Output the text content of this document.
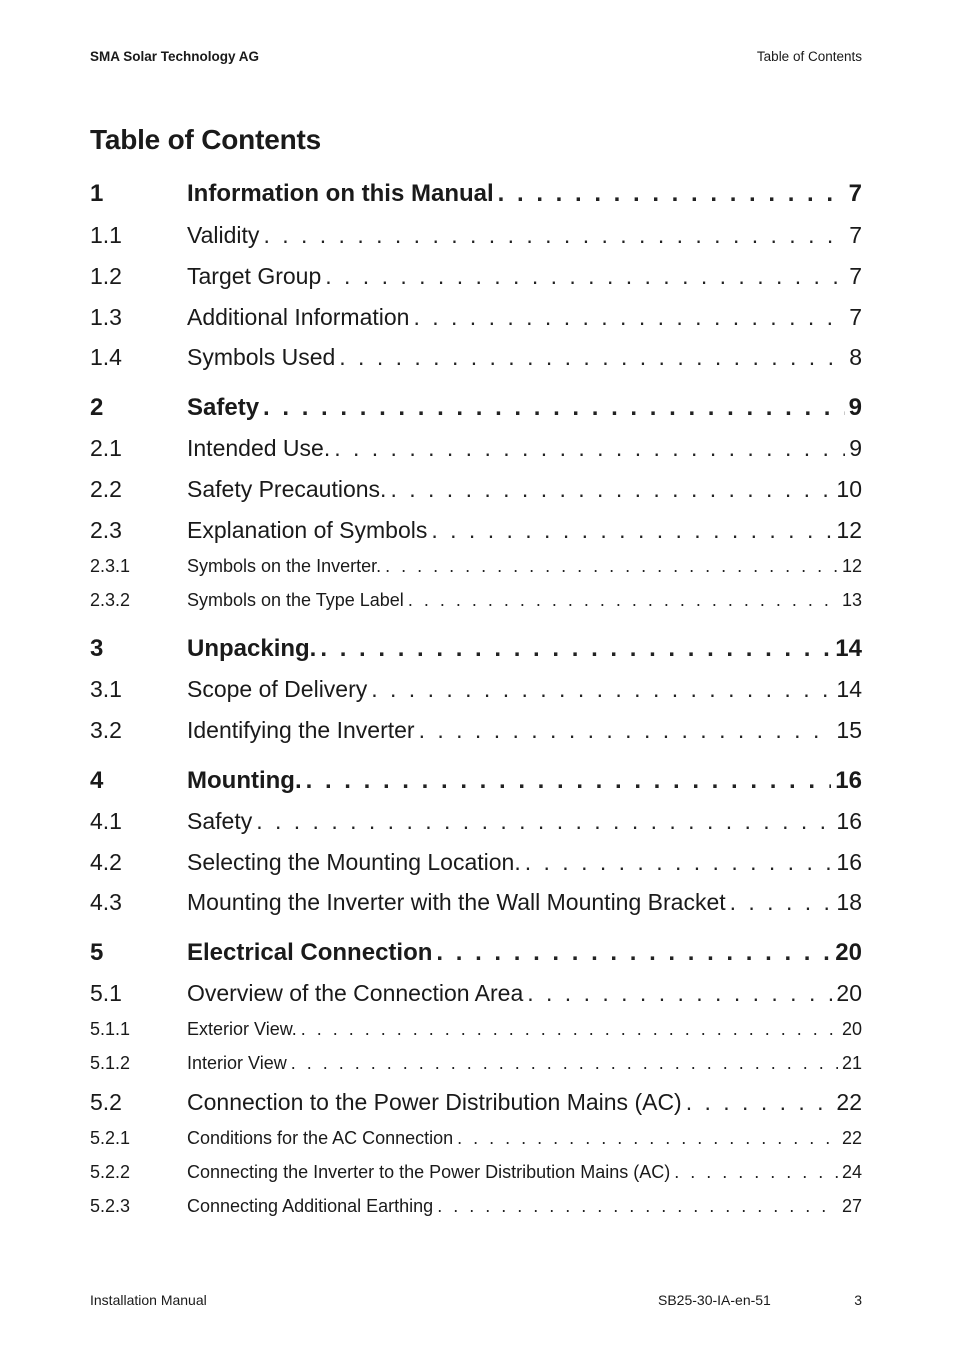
SMA Solar Technology AG	Table of Contents
Table of Contents
1	Information on this Manual . . .	7
1.1	Validity . . .	7
1.2	Target Group . . .	7
1.3	Additional Information . . .	7
1.4	Symbols Used . . .	8
2	Safety . . .	9
2.1	Intended Use. . . .	9
2.2	Safety Precautions. . . .	10
2.3	Explanation of Symbols . . .	12
2.3.1	Symbols on the Inverter. . . .	12
2.3.2	Symbols on the Type Label . . .	13
3	Unpacking. . . .	14
3.1	Scope of Delivery . . .	14
3.2	Identifying the Inverter . . .	15
4	Mounting. . . .	16
4.1	Safety . . .	16
4.2	Selecting the Mounting Location. . . .	16
4.3	Mounting the Inverter with the Wall Mounting Bracket . . .	18
5	Electrical Connection . . .	20
5.1	Overview of the Connection Area . . .	20
5.1.1	Exterior View. . . .	20
5.1.2	Interior View . . .	21
5.2	Connection to the Power Distribution Mains (AC) . . .	22
5.2.1	Conditions for the AC Connection . . .	22
5.2.2	Connecting the Inverter to the Power Distribution Mains (AC) . . .	24
5.2.3	Connecting Additional Earthing . . .	27
Installation Manual	SB25-30-IA-en-51	3
